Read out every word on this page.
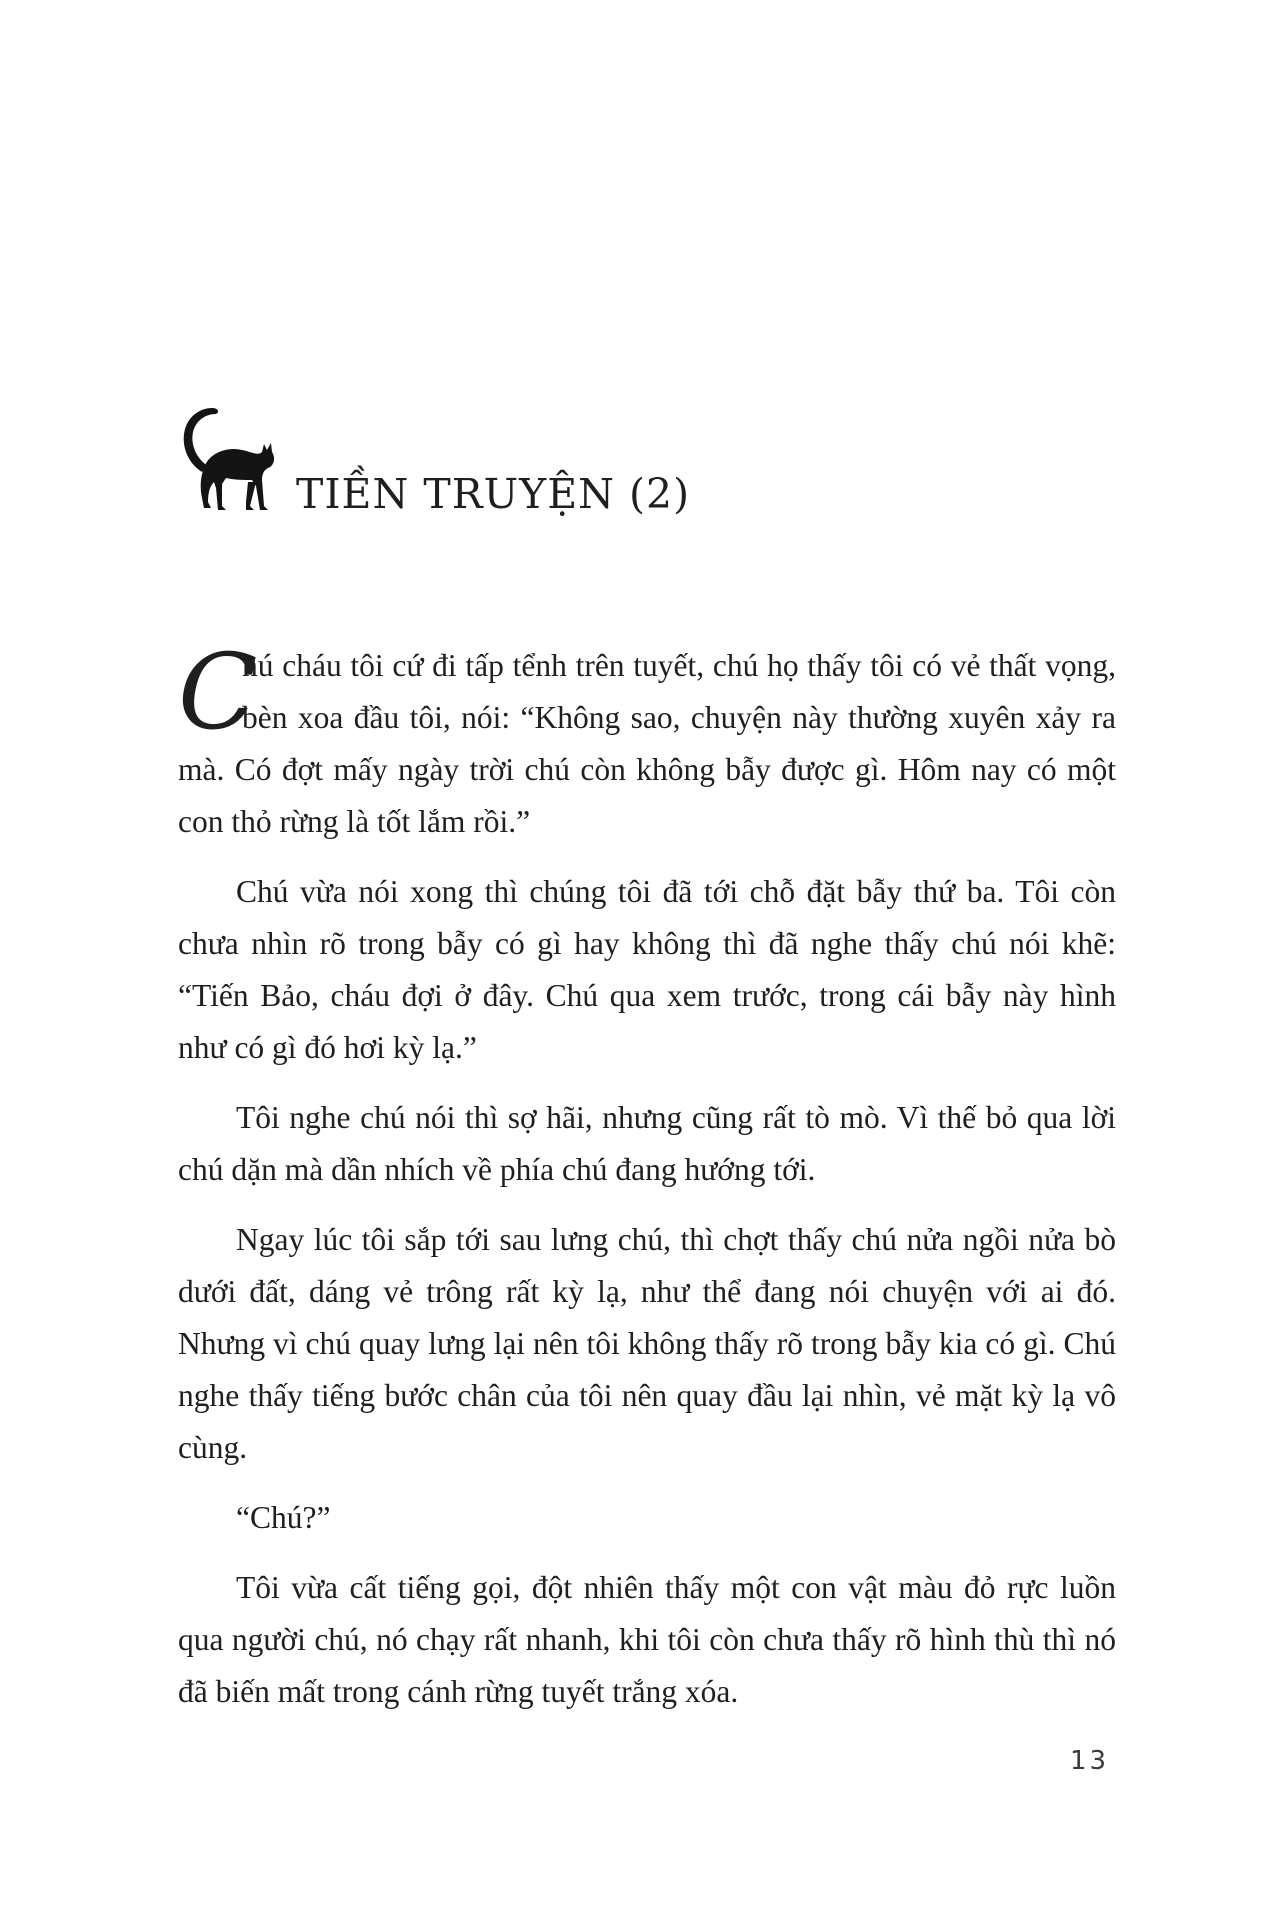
TIỀN TRUYỆN (2)

C
hú cháu tôi cứ đi tấp tểnh trên tuyết, chú họ thấy tôi có vẻ thất vọng, bèn xoa đầu tôi, nói: “Không sao, chuyện này thường xuyên xảy ra mà. Có đợt mấy ngày trời chú còn không bẫy được gì. Hôm nay có một con thỏ rừng là tốt lắm rồi.”

Chú vừa nói xong thì chúng tôi đã tới chỗ đặt bẫy thứ ba. Tôi còn chưa nhìn rõ trong bẫy có gì hay không thì đã nghe thấy chú nói khẽ: “Tiến Bảo, cháu đợi ở đây. Chú qua xem trước, trong cái bẫy này hình như có gì đó hơi kỳ lạ.”

Tôi nghe chú nói thì sợ hãi, nhưng cũng rất tò mò. Vì thế bỏ qua lời chú dặn mà dần nhích về phía chú đang hướng tới.

Ngay lúc tôi sắp tới sau lưng chú, thì chợt thấy chú nửa ngồi nửa bò dưới đất, dáng vẻ trông rất kỳ lạ, như thể đang nói chuyện với ai đó. Nhưng vì chú quay lưng lại nên tôi không thấy rõ trong bẫy kia có gì. Chú nghe thấy tiếng bước chân của tôi nên quay đầu lại nhìn, vẻ mặt kỳ lạ vô cùng.

“Chú?”

Tôi vừa cất tiếng gọi, đột nhiên thấy một con vật màu đỏ rực luồn qua người chú, nó chạy rất nhanh, khi tôi còn chưa thấy rõ hình thù thì nó đã biến mất trong cánh rừng tuyết trắng xóa.

13
